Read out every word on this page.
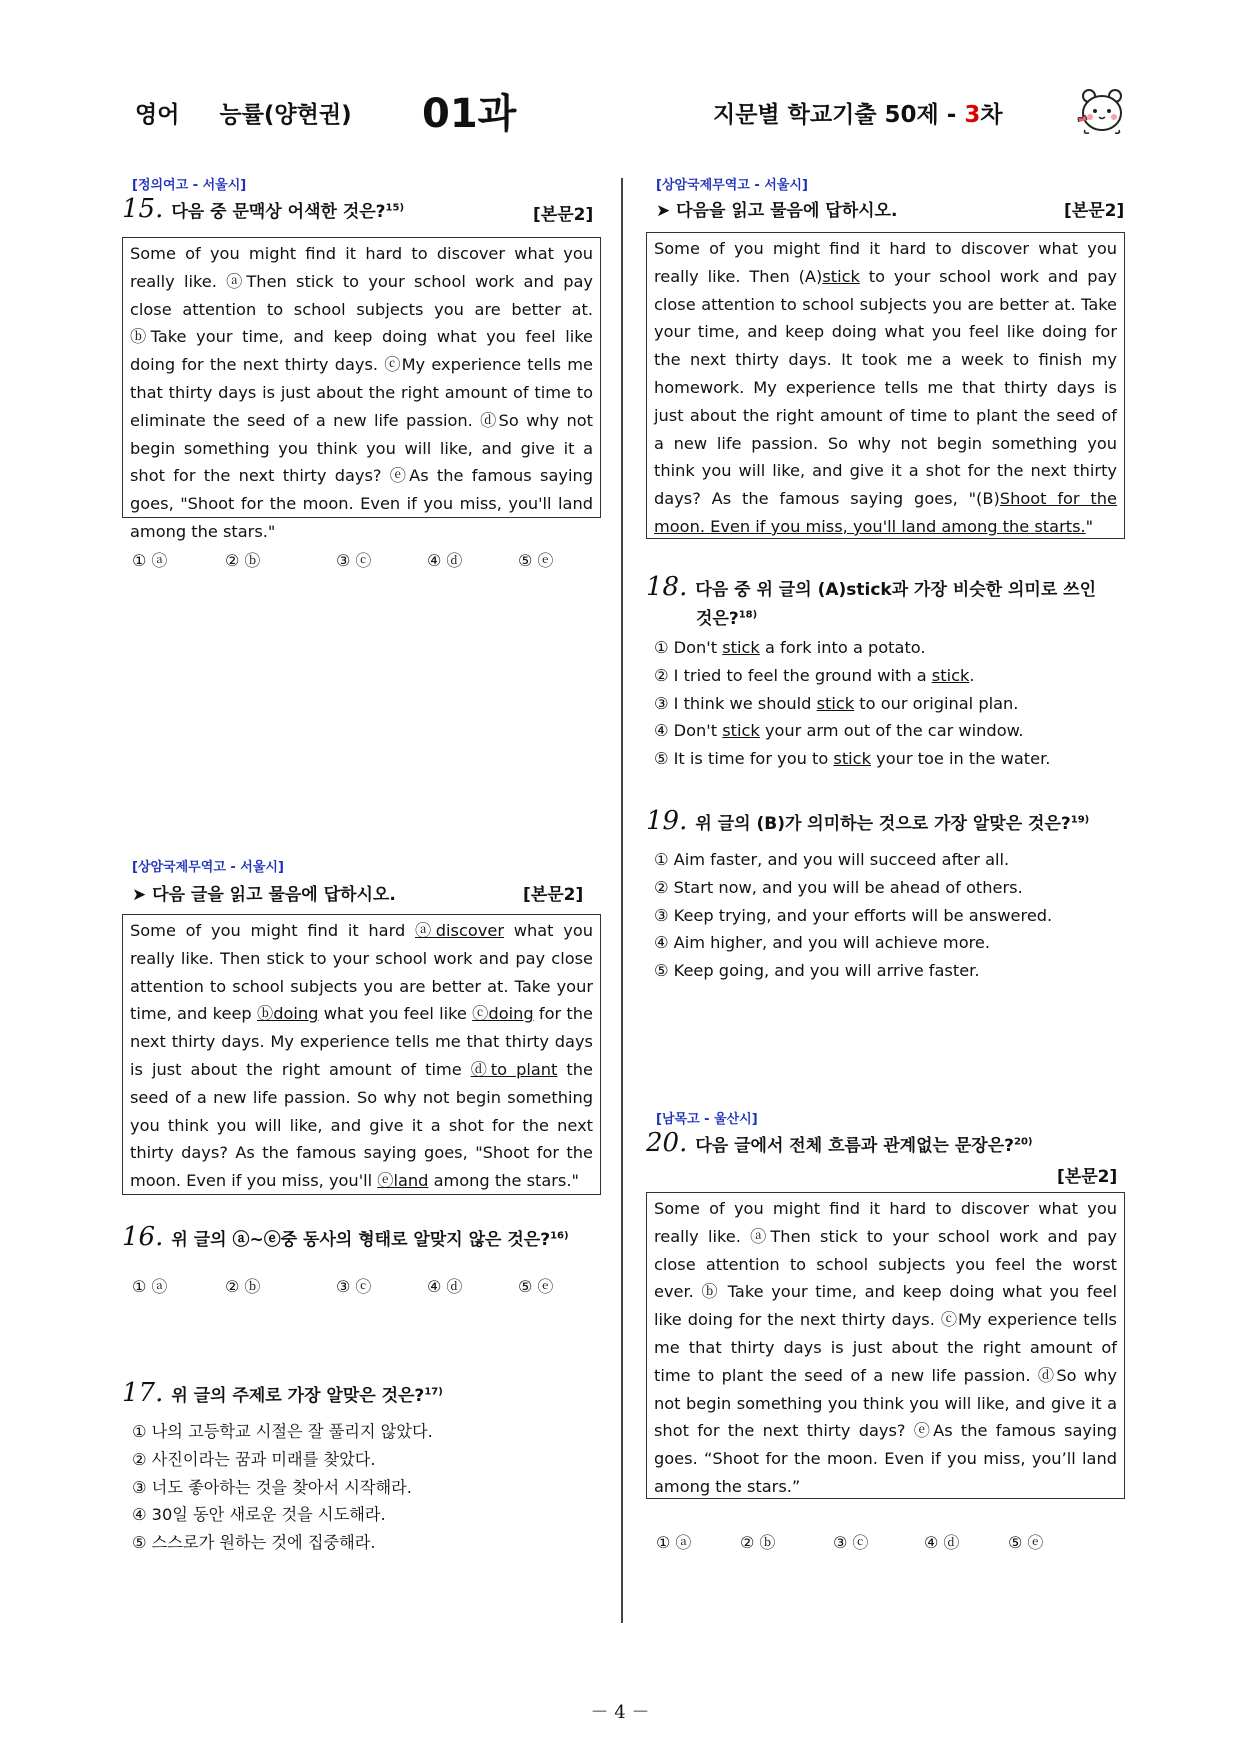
영어 능률(양현권) 01과	지문별 학교기출 50제 - 3차
[정의여고 - 서울시]
15. 다음 중 문맥상 어색한 것은?$^{15)}$	[본문2]
Some of you might find it hard to discover what you really like. ⓐThen stick to your school work and pay close attention to school subjects you are better at. ⓑTake your time, and keep doing what you feel like doing for the next thirty days. ⓒMy experience tells me that thirty days is just about the right amount of time to eliminate the seed of a new life passion. ⓓSo why not begin something you think you will like, and give it a shot for the next thirty days? ⓔAs the famous saying goes, "Shoot for the moon. Even if you miss, you'll land among the stars."
① ⓐ	② ⓑ	③ ⓒ	④ ⓓ	⑤ ⓔ
[상암국제무역고 - 서울시]
➤ 다음 글을 읽고 물음에 답하시오.	[본문2]
Some of you might find it hard ⓐdiscover what you really like. Then stick to your school work and pay close attention to school subjects you are better at. Take your time, and keep ⓑdoing what you feel like ⓒdoing for the next thirty days. My experience tells me that thirty days is just about the right amount of time ⓓto plant the seed of a new life passion. So why not begin something you think you will like, and give it a shot for the next thirty days? As the famous saying goes, "Shoot for the moon. Even if you miss, you'll ⓔland among the stars."
16. 위 글의 ⓐ~ⓔ중 동사의 형태로 알맞지 않은 것은?$^{16)}$
① ⓐ	② ⓑ	③ ⓒ	④ ⓓ	⑤ ⓔ
17. 위 글의 주제로 가장 알맞은 것은?$^{17)}$
① 나의 고등학교 시절은 잘 풀리지 않았다.
② 사진이라는 꿈과 미래를 찾았다.
③ 너도 좋아하는 것을 찾아서 시작해라.
④ 30일 동안 새로운 것을 시도해라.
⑤ 스스로가 원하는 것에 집중해라.
[상암국제무역고 - 서울시]
➤ 다음을 읽고 물음에 답하시오.	[본문2]
Some of you might find it hard to discover what you really like. Then (A)stick to your school work and pay close attention to school subjects you are better at. Take your time, and keep doing what you feel like doing for the next thirty days. It took me a week to finish my homework. My experience tells me that thirty days is just about the right amount of time to plant the seed of a new life passion. So why not begin something you think you will like, and give it a shot for the next thirty days? As the famous saying goes, "(B)Shoot for the moon. Even if you miss, you'll land among the starts."
18. 다음 중 위 글의 (A)stick과 가장 비슷한 의미로 쓰인
것은?$^{18)}$
① Don't stick a fork into a potato.
② I tried to feel the ground with a stick.
③ I think we should stick to our original plan.
④ Don't stick your arm out of the car window.
⑤ It is time for you to stick your toe in the water.
19. 위 글의 (B)가 의미하는 것으로 가장 알맞은 것은?$^{19)}$
① Aim faster, and you will succeed after all.
② Start now, and you will be ahead of others.
③ Keep trying, and your efforts will be answered.
④ Aim higher, and you will achieve more.
⑤ Keep going, and you will arrive faster.
[남목고 - 울산시]
20. 다음 글에서 전체 흐름과 관계없는 문장은?$^{20)}$
[본문2]
Some of you might find it hard to discover what you really like. ⓐThen stick to your school work and pay close attention to school subjects you feel the worst ever. ⓑ Take your time, and keep doing what you feel like doing for the next thirty days. ⓒMy experience tells me that thirty days is just about the right amount of time to plant the seed of a new life passion. ⓓSo why not begin something you think you will like, and give it a shot for the next thirty days? ⓔAs the famous saying goes. “Shoot for the moon. Even if you miss, you’ll land among the stars.”
① ⓐ	② ⓑ	③ ⓒ	④ ⓓ	⑤ ⓔ
－ 4 －
